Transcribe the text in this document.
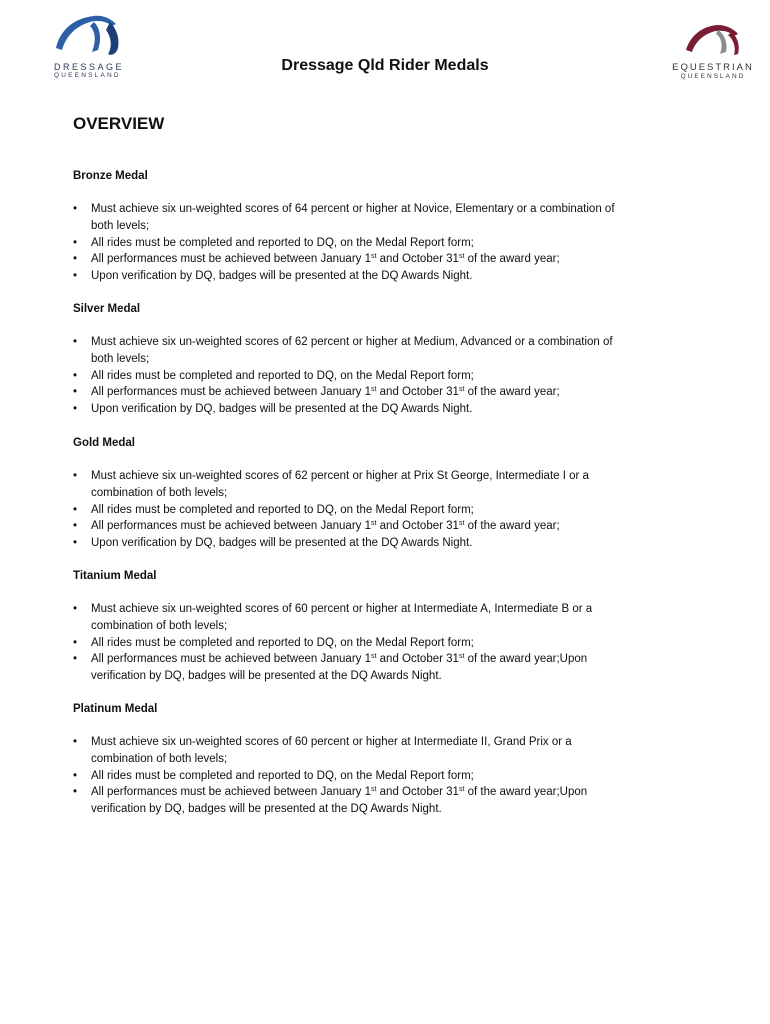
DRESSAGE
QUEENSLAND
EQUESTRIAN
QUEENSLAND
Dressage Qld Rider Medals
OVERVIEW
Bronze Medal
• Must achieve six un-weighted scores of 64 percent or higher at Novice, Elementary or a combination of
both levels;
• All rides must be completed and reported to DQ, on the Medal Report form;
• All performances must be achieved between January 1st and October 31st of the award year;
• Upon verification by DQ, badges will be presented at the DQ Awards Night.
Silver Medal
• Must achieve six un-weighted scores of 62 percent or higher at Medium, Advanced or a combination of
both levels;
• All rides must be completed and reported to DQ, on the Medal Report form;
• All performances must be achieved between January 1st and October 31st of the award year;
• Upon verification by DQ, badges will be presented at the DQ Awards Night.
Gold Medal
• Must achieve six un-weighted scores of 62 percent or higher at Prix St George, Intermediate I or a
combination of both levels;
• All rides must be completed and reported to DQ, on the Medal Report form;
• All performances must be achieved between January 1st and October 31st of the award year;
• Upon verification by DQ, badges will be presented at the DQ Awards Night.
Titanium Medal
• Must achieve six un-weighted scores of 60 percent or higher at Intermediate A, Intermediate B or a
combination of both levels;
• All rides must be completed and reported to DQ, on the Medal Report form;
• All performances must be achieved between January 1st and October 31st of the award year;Upon
verification by DQ, badges will be presented at the DQ Awards Night.
Platinum Medal
• Must achieve six un-weighted scores of 60 percent or higher at Intermediate II, Grand Prix or a
combination of both levels;
• All rides must be completed and reported to DQ, on the Medal Report form;
• All performances must be achieved between January 1st and October 31st of the award year;Upon
verification by DQ, badges will be presented at the DQ Awards Night.
